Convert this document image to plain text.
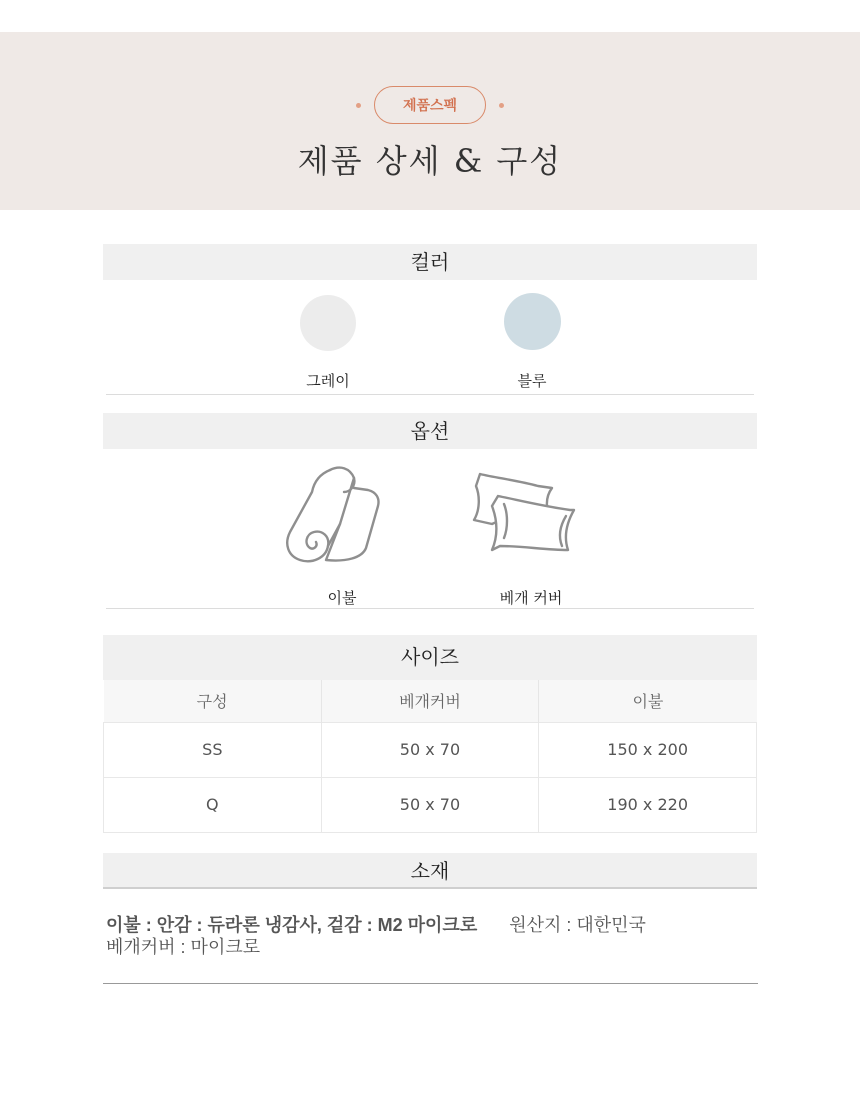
제품스펙
제품 상세 & 구성
컬러
그레이	블루
옵션
이불	베개 커버
사이즈
구성	베개커버	이불
SS	50 x 70	150 x 200
Q	50 x 70	190 x 220
소재
이불 : 안감 : 듀라론 냉감사, 겉감 : M2 마이크로 원산지 : 대한민국
베개커버 : 마이크로
